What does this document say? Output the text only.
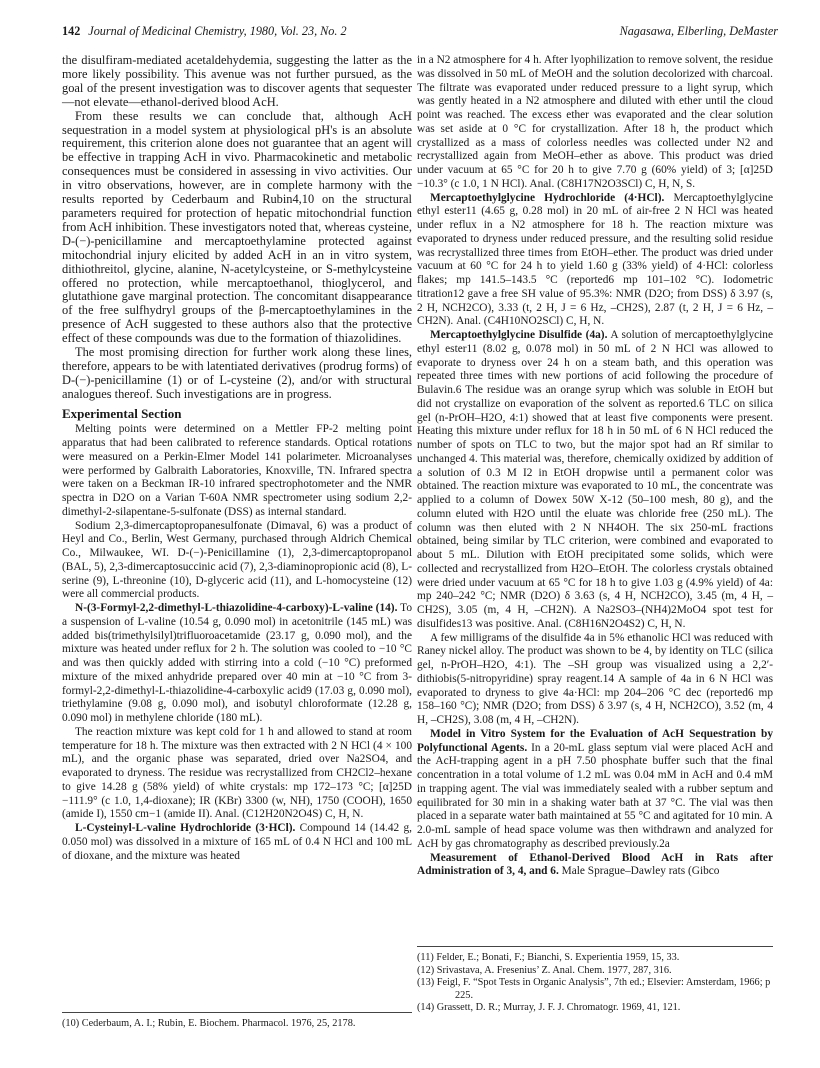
142 Journal of Medicinal Chemistry, 1980, Vol. 23, No. 2	Nagasawa, Elberling, DeMaster

the disulfiram-mediated acetaldehydemia, suggesting the latter as the more likely possibility. This avenue was not further pursued, as the goal of the present investigation was to discover agents that sequester—not elevate—ethanol-derived blood AcH.

From these results we can conclude that, although AcH sequestration in a model system at physiological pH's is an absolute requirement, this criterion alone does not guarantee that an agent will be effective in trapping AcH in vivo. Pharmacokinetic and metabolic consequences must be considered in assessing in vivo activities. Our in vitro observations, however, are in complete harmony with the results reported by Cederbaum and Rubin4,10 on the structural parameters required for protection of hepatic mitochondrial function from AcH inhibition. These investigators noted that, whereas cysteine, D-(−)-penicillamine and mercaptoethylamine protected against mitochondrial injury elicited by added AcH in an in vitro system, dithiothreitol, glycine, alanine, N-acetylcysteine, or S-methylcysteine offered no protection, while mercaptoethanol, thioglycerol, and glutathione gave marginal protection. The concomitant disappearance of the free sulfhydryl groups of the β-mercaptoethylamines in the presence of AcH suggested to these authors also that the protective effect of these compounds was due to the formation of thiazolidines.

The most promising direction for further work along these lines, therefore, appears to be with latentiated derivatives (prodrug forms) of D-(−)-penicillamine (1) or of L-cysteine (2), and/or with structural analogues thereof. Such investigations are in progress.

Experimental Section

Melting points were determined on a Mettler FP-2 melting point apparatus that had been calibrated to reference standards. Optical rotations were measured on a Perkin-Elmer Model 141 polarimeter. Microanalyses were performed by Galbraith Laboratories, Knoxville, TN. Infrared spectra were taken on a Beckman IR-10 infrared spectrophotometer and the NMR spectra in D2O on a Varian T-60A NMR spectrometer using sodium 2,2-dimethyl-2-silapentane-5-sulfonate (DSS) as internal standard.

Sodium 2,3-dimercaptopropanesulfonate (Dimaval, 6) was a product of Heyl and Co., Berlin, West Germany, purchased through Aldrich Chemical Co., Milwaukee, WI. D-(−)-Penicillamine (1), 2,3-dimercaptopropanol (BAL, 5), 2,3-dimercaptosuccinic acid (7), 2,3-diaminopropionic acid (8), L-serine (9), L-threonine (10), D-glyceric acid (11), and L-homocysteine (12) were all commercial products.

N-(3-Formyl-2,2-dimethyl-L-thiazolidine-4-carboxy)-L-valine (14). To a suspension of L-valine (10.54 g, 0.090 mol) in acetonitrile (145 mL) was added bis(trimethylsilyl)trifluoroacetamide (23.17 g, 0.090 mol), and the mixture was heated under reflux for 2 h. The solution was cooled to −10 °C and was then quickly added with stirring into a cold (−10 °C) preformed mixture of the mixed anhydride prepared over 40 min at −10 °C from 3-formyl-2,2-dimethyl-L-thiazolidine-4-carboxylic acid9 (17.03 g, 0.090 mol), triethylamine (9.08 g, 0.090 mol), and isobutyl chloroformate (12.28 g, 0.090 mol) in methylene chloride (180 mL).

The reaction mixture was kept cold for 1 h and allowed to stand at room temperature for 18 h. The mixture was then extracted with 2 N HCl (4 × 100 mL), and the organic phase was separated, dried over Na2SO4, and evaporated to dryness. The residue was recrystallized from CH2Cl2–hexane to give 14.28 g (58% yield) of white crystals: mp 172–173 °C; [α]25D −111.9° (c 1.0, 1,4-dioxane); IR (KBr) 3300 (w, NH), 1750 (COOH), 1650 (amide I), 1550 cm−1 (amide II). Anal. (C12H20N2O4S) C, H, N.

L-Cysteinyl-L-valine Hydrochloride (3·HCl). Compound 14 (14.42 g, 0.050 mol) was dissolved in a mixture of 165 mL of 0.4 N HCl and 100 mL of dioxane, and the mixture was heated

in a N2 atmosphere for 4 h. After lyophilization to remove solvent, the residue was dissolved in 50 mL of MeOH and the solution decolorized with charcoal. The filtrate was evaporated under reduced pressure to a light syrup, which was gently heated in a N2 atmosphere and diluted with ether until the cloud point was reached. The excess ether was evaporated and the clear solution was set aside at 0 °C for crystallization. After 18 h, the product which crystallized as a mass of colorless needles was collected under N2 and recrystallized again from MeOH–ether as above. This product was dried under vacuum at 65 °C for 20 h to give 7.70 g (60% yield) of 3; [α]25D −10.3° (c 1.0, 1 N HCl). Anal. (C8H17N2O3SCl) C, H, N, S.

Mercaptoethylglycine Hydrochloride (4·HCl). Mercaptoethylglycine ethyl ester11 (4.65 g, 0.28 mol) in 20 mL of air-free 2 N HCl was heated under reflux in a N2 atmosphere for 18 h. The reaction mixture was evaporated to dryness under reduced pressure, and the resulting solid residue was recrystallized three times from EtOH–ether. The product was dried under vacuum at 60 °C for 24 h to yield 1.60 g (33% yield) of 4·HCl: colorless flakes; mp 141.5–143.5 °C (reported6 mp 101–102 °C). Iodometric titration12 gave a free SH value of 95.3%: NMR (D2O; from DSS) δ 3.97 (s, 2 H, NCH2CO), 3.33 (t, 2 H, J = 6 Hz, –CH2S), 2.87 (t, 2 H, J = 6 Hz, –CH2N). Anal. (C4H10NO2SCl) C, H, N.

Mercaptoethylglycine Disulfide (4a). A solution of mercaptoethylglycine ethyl ester11 (8.02 g, 0.078 mol) in 50 mL of 2 N HCl was allowed to evaporate to dryness over 24 h on a steam bath, and this operation was repeated three times with new portions of acid following the procedure of Bulavin.6 The residue was an orange syrup which was soluble in EtOH but did not crystallize on evaporation of the solvent as reported.6 TLC on silica gel (n-PrOH–H2O, 4:1) showed that at least five components were present. Heating this mixture under reflux for 18 h in 50 mL of 6 N HCl reduced the number of spots on TLC to two, but the major spot had an Rf similar to unchanged 4. This material was, therefore, chemically oxidized by addition of a solution of 0.3 M I2 in EtOH dropwise until a permanent color was obtained. The reaction mixture was evaporated to 10 mL, the concentrate was applied to a column of Dowex 50W X-12 (50–100 mesh, 80 g), and the column eluted with H2O until the eluate was chloride free (250 mL). The column was then eluted with 2 N NH4OH. The six 250-mL fractions obtained, being similar by TLC criterion, were combined and evaporated to about 5 mL. Dilution with EtOH precipitated some solids, which were collected and recrystallized from H2O–EtOH. The colorless crystals obtained were dried under vacuum at 65 °C for 18 h to give 1.03 g (4.9% yield) of 4a: mp 240–242 °C; NMR (D2O) δ 3.63 (s, 4 H, NCH2CO), 3.45 (m, 4 H, –CH2S), 3.05 (m, 4 H, –CH2N). A Na2SO3–(NH4)2MoO4 spot test for disulfides13 was positive. Anal. (C8H16N2O4S2) C, H, N.

A few milligrams of the disulfide 4a in 5% ethanolic HCl was reduced with Raney nickel alloy. The product was shown to be 4, by identity on TLC (silica gel, n-PrOH–H2O, 4:1). The –SH group was visualized using a 2,2′-dithiobis(5-nitropyridine) spray reagent.14 A sample of 4a in 6 N HCl was evaporated to dryness to give 4a·HCl: mp 204–206 °C dec (reported6 mp 158–160 °C); NMR (D2O; from DSS) δ 3.97 (s, 4 H, NCH2CO), 3.52 (m, 4 H, –CH2S), 3.08 (m, 4 H, –CH2N).

Model in Vitro System for the Evaluation of AcH Sequestration by Polyfunctional Agents. In a 20-mL glass septum vial were placed AcH and the AcH-trapping agent in a pH 7.50 phosphate buffer such that the final concentration in a total volume of 1.2 mL was 0.04 mM in AcH and 0.4 mM in trapping agent. The vial was immediately sealed with a rubber septum and equilibrated for 30 min in a shaking water bath at 37 °C. The vial was then placed in a separate water bath maintained at 55 °C and agitated for 10 min. A 2.0-mL sample of head space volume was then withdrawn and analyzed for AcH by gas chromatography as described previously.2a

Measurement of Ethanol-Derived Blood AcH in Rats after Administration of 3, 4, and 6. Male Sprague–Dawley rats (Gibco

(10) Cederbaum, A. I.; Rubin, E. Biochem. Pharmacol. 1976, 25, 2178.

(11) Felder, E.; Bonati, F.; Bianchi, S. Experientia 1959, 15, 33.

(12) Srivastava, A. Fresenius’ Z. Anal. Chem. 1977, 287, 316.

(13) Feigl, F. “Spot Tests in Organic Analysis”, 7th ed.; Elsevier: Amsterdam, 1966; p 225.

(14) Grassett, D. R.; Murray, J. F. J. Chromatogr. 1969, 41, 121.
